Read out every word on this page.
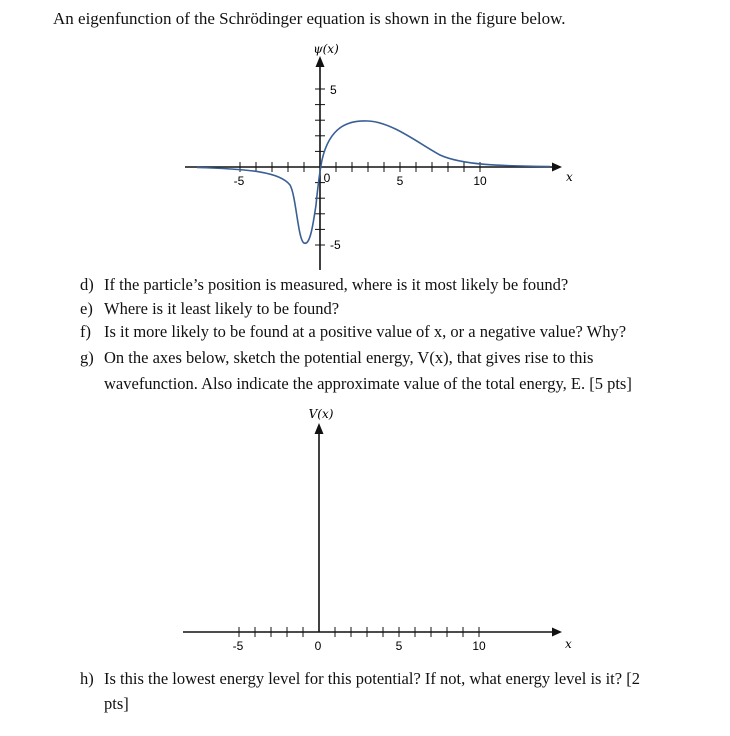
An eigenfunction of the Schrödinger equation is shown in the figure below.
ψ(x)
x
-5	0	5	10
5
-5
V(x)
x
-5	0	5	10
d) If the particle’s position is measured, where is it most likely be found?
e) Where is it least likely to be found?
f) Is it more likely to be found at a positive value of x, or a negative value? Why?
g) On the axes below, sketch the potential energy, V(x), that gives rise to this
wavefunction. Also indicate the approximate value of the total energy, E. [5 pts]
h) Is this the lowest energy level for this potential? If not, what energy level is it? [2
pts]
